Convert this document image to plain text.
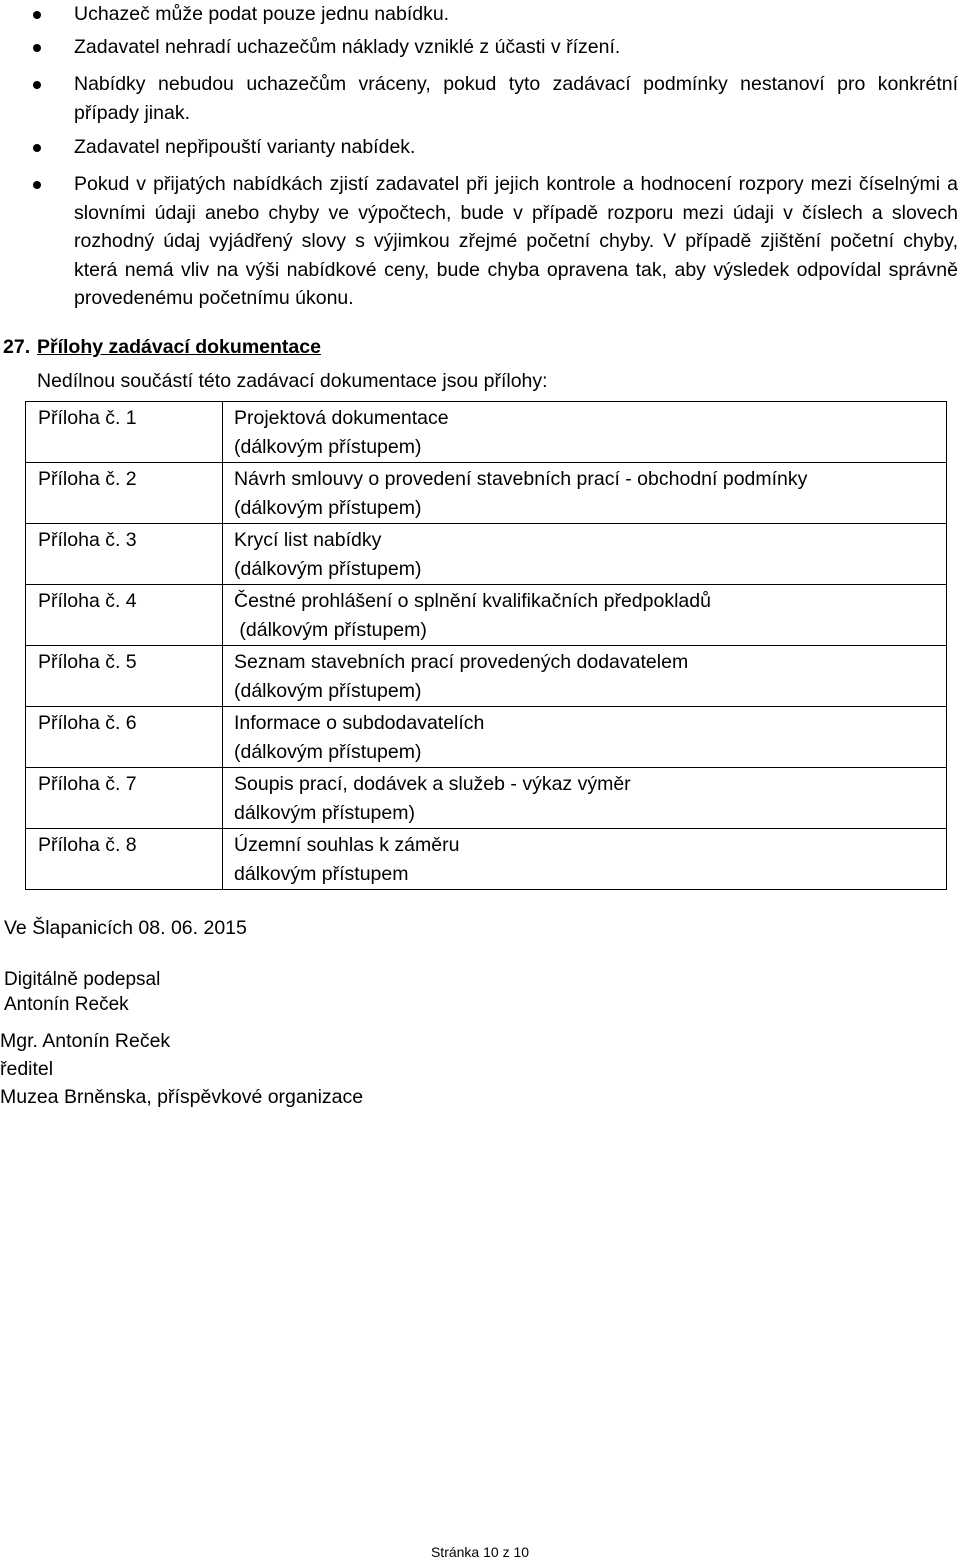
Uchazeč může podat pouze jednu nabídku.
Zadavatel nehradí uchazečům náklady vzniklé z účasti v řízení.
Nabídky nebudou uchazečům vráceny, pokud tyto zadávací podmínky nestanoví pro konkrétní případy jinak.
Zadavatel nepřipouští varianty nabídek.
Pokud v přijatých nabídkách zjistí zadavatel při jejich kontrole a hodnocení rozpory mezi číselnými a slovními údaji anebo chyby ve výpočtech, bude v případě rozporu mezi údaji v číslech a slovech rozhodný údaj vyjádřený slovy s výjimkou zřejmé početní chyby. V případě zjištění početní chyby, která nemá vliv na výši nabídkové ceny, bude chyba opravena tak, aby výsledek odpovídal správně provedenému početnímu úkonu.
27. Přílohy zadávací dokumentace
Nedílnou součástí této zadávací dokumentace jsou přílohy:
Příloha č. 1	Projektová dokumentace
(dálkovým přístupem)

Příloha č. 2	Návrh smlouvy o provedení stavebních prací - obchodní podmínky
(dálkovým přístupem)

Příloha č. 3	Krycí list nabídky
(dálkovým přístupem)

Příloha č. 4	Čestné prohlášení o splnění kvalifikačních předpokladů
(dálkovým přístupem)

Příloha č. 5	Seznam stavebních prací provedených dodavatelem
(dálkovým přístupem)

Příloha č. 6	Informace o subdodavatelích
(dálkovým přístupem)

Příloha č. 7	Soupis prací, dodávek a služeb - výkaz výměr
dálkovým přístupem)

Příloha č. 8	Územní souhlas k záměru
dálkovým přístupem
Ve Šlapanicích 08. 06. 2015
Digitálně podepsal
Antonín Reček
Mgr. Antonín Reček
ředitel
Muzea Brněnska, příspěvkové organizace
Stránka 10 z 10
